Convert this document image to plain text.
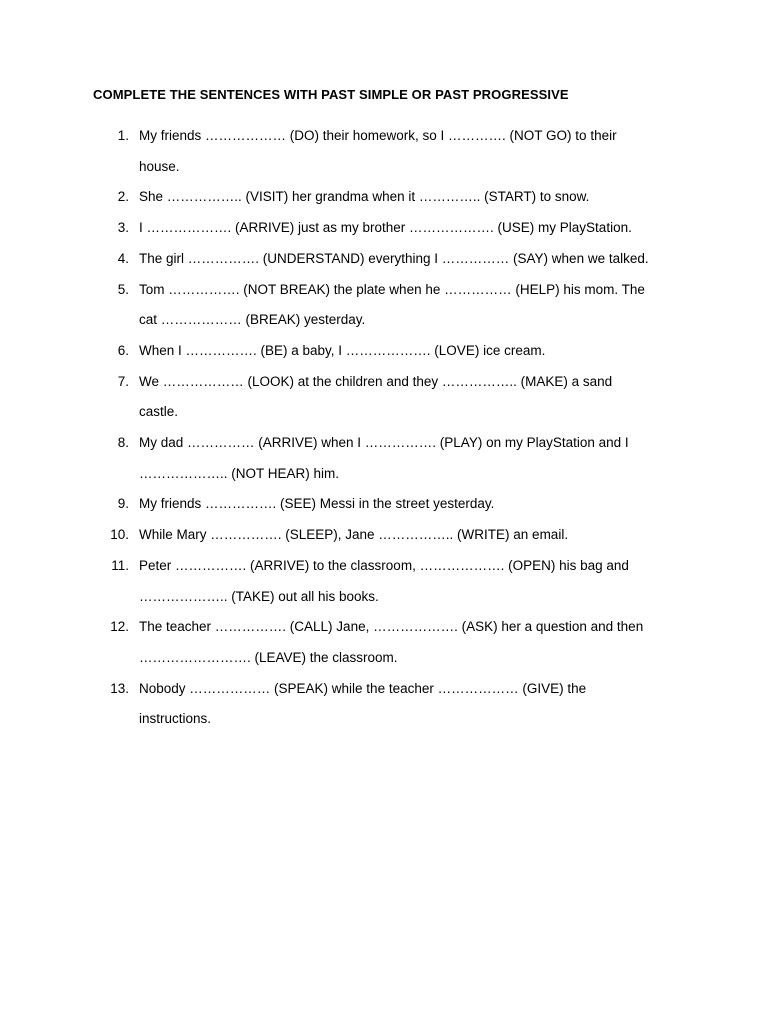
COMPLETE THE SENTENCES WITH PAST SIMPLE OR PAST PROGRESSIVE
1. My friends ……………… (DO) their homework, so I …………. (NOT GO) to their
house.
2. She …………….. (VISIT) her grandma when it ………….. (START) to snow.
3. I ………………. (ARRIVE) just as my brother ………………. (USE) my PlayStation.
4. The girl ……………. (UNDERSTAND) everything I …………… (SAY) when we talked.
5. Tom ……………. (NOT BREAK) the plate when he …………… (HELP) his mom. The
cat ……………… (BREAK) yesterday.
6. When I ……………. (BE) a baby, I ………………. (LOVE) ice cream.
7. We ……………… (LOOK) at the children and they …………….. (MAKE) a sand
castle.
8. My dad …………… (ARRIVE) when I ……………. (PLAY) on my PlayStation and I
……………….. (NOT HEAR) him.
9. My friends ……………. (SEE) Messi in the street yesterday.
10. While Mary ……………. (SLEEP), Jane …………….. (WRITE) an email.
11. Peter ……………. (ARRIVE) to the classroom, ………………. (OPEN) his bag and
……………….. (TAKE) out all his books.
12. The teacher ……………. (CALL) Jane, ………………. (ASK) her a question and then
……………………. (LEAVE) the classroom.
13. Nobody ……………… (SPEAK) while the teacher ……………… (GIVE) the
instructions.
